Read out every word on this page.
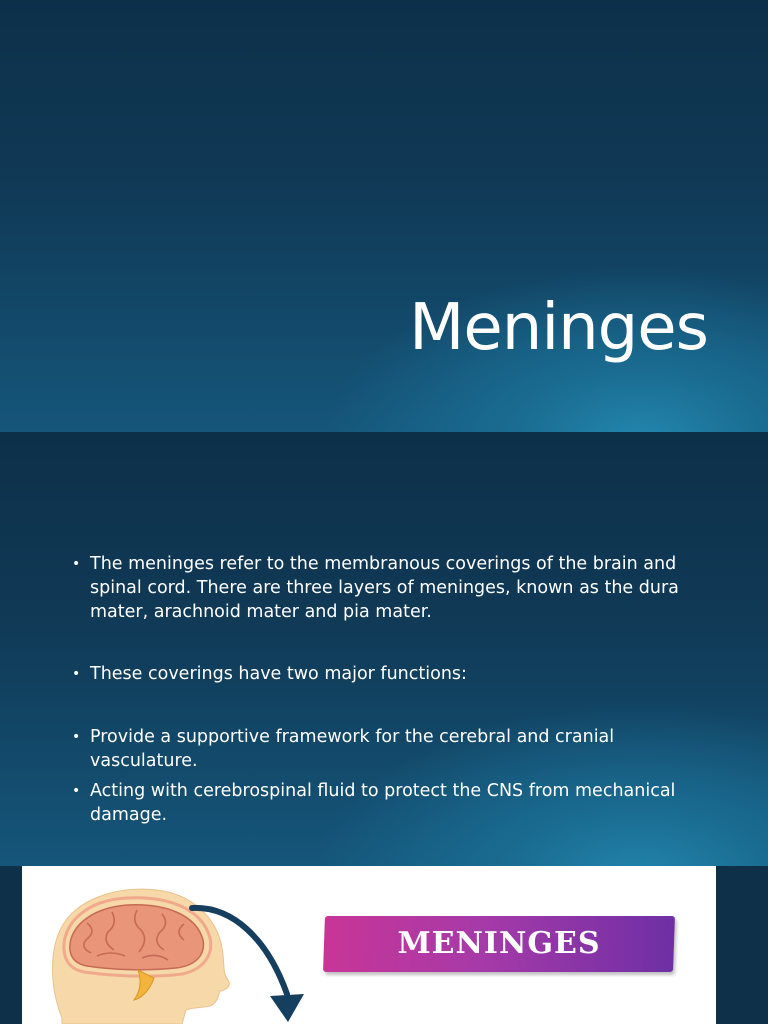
Meninges
• The meninges refer to the membranous coverings of the brain and spinal cord. There are three layers of meninges, known as the dura mater, arachnoid mater and pia mater.
• These coverings have two major functions:
• Provide a supportive framework for the cerebral and cranial vasculature.
• Acting with cerebrospinal fluid to protect the CNS from mechanical damage.
MENINGES
